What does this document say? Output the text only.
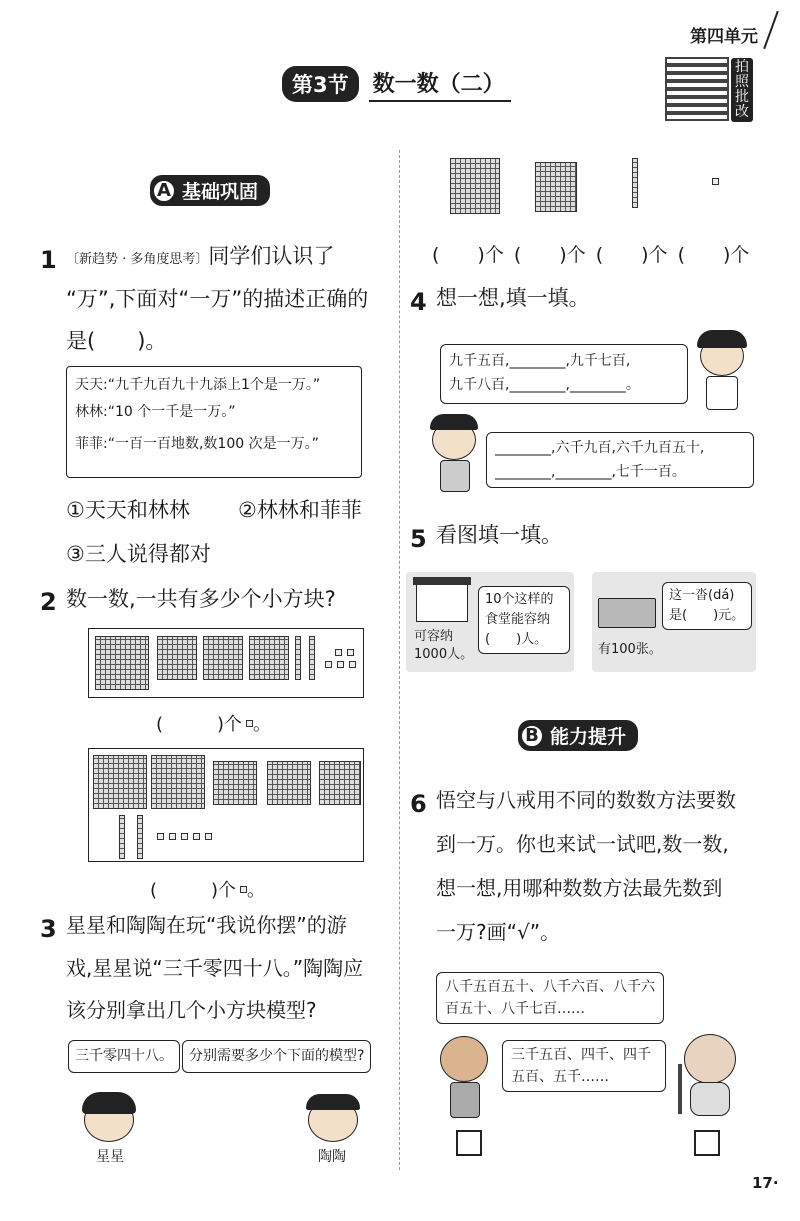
第四单元
第3节	数一数（二）
拍照批改
A 基础巩固
1 〔新趋势 · 多角度思考〕同学们认识了
“万”,下面对“一万”的描述正确的
是(　　)。
天天:“九千九百九十九添上1个是一万。”
林林:“10 个一千是一万。”
菲菲:“一百一百地数,数100 次是一万。”
①天天和林林 ②林林和菲菲
③三人说得都对
2 数一数,一共有多少个小方块?
(　　　)个 。
(　　　)个 。
3 星星和陶陶在玩“我说你摆”的游
戏,星星说“三千零四十八。”陶陶应
该分别拿出几个小方块模型?
三千零四十八。	分别需要多少个下面的模型?
星星	陶陶
(　　)个 (　　)个 (　　)个 (　　)个
4 想一想,填一填。
九千五百,________,九千七百,
九千八百,________,________。
________,六千九百,六千九百五十,
________,________,七千一百。
5 看图填一填。
可容纳1000人。
10个这样的食堂能容纳(　　)人。
有100张。
这一沓(dá)是(　　)元。
B 能力提升
6 悟空与八戒用不同的数数方法要数
到一万。你也来试一试吧,数一数,
想一想,用哪种数数方法最先数到
一万?画“√”。
八千五百五十、八千六百、八千六百五十、八千七百……
三千五百、四千、四千五百、五千……
17·
